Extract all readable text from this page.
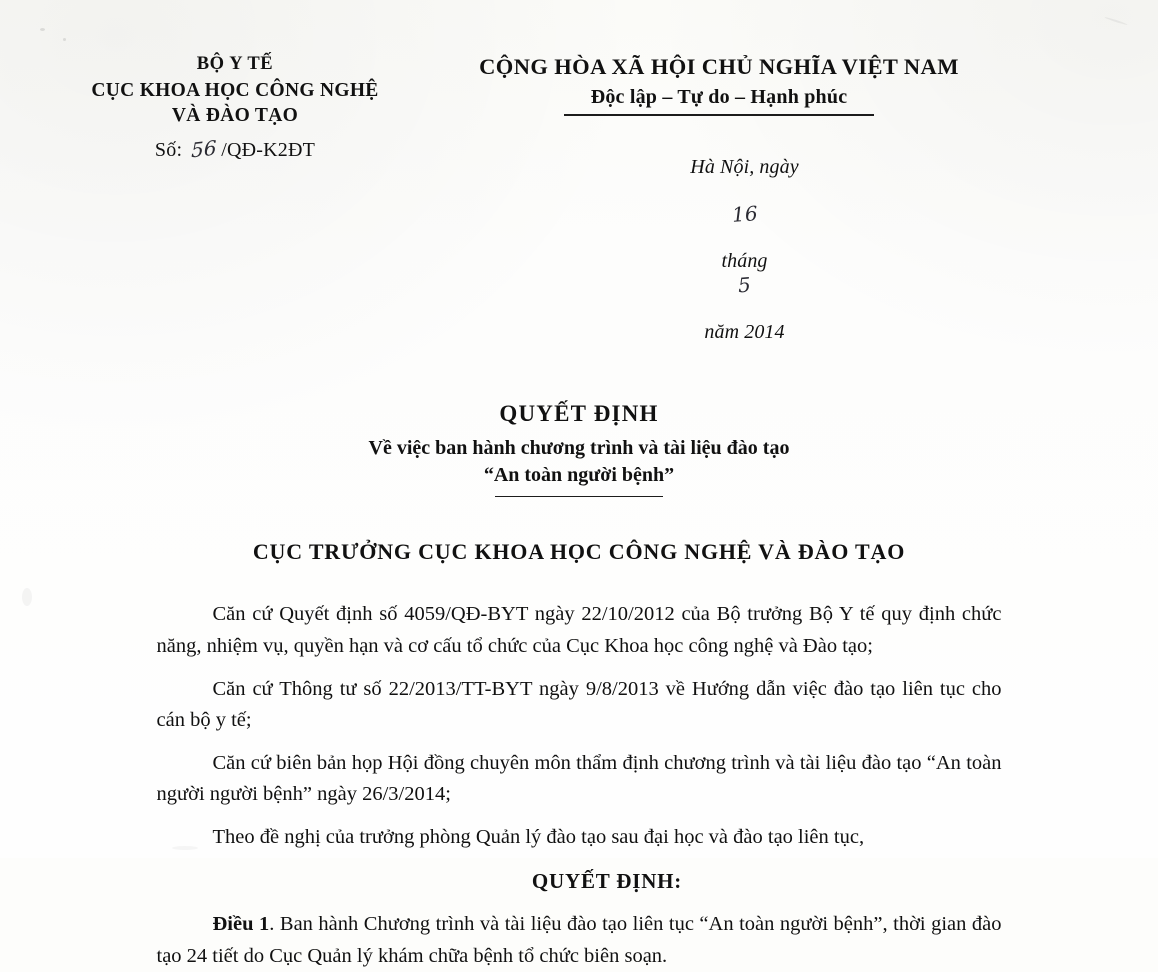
BỘ Y TẾ
CỤC KHOA HỌC CÔNG NGHỆ
VÀ ĐÀO TẠO
Số:
56 /QĐ-K2ĐT
CỘNG HÒA XÃ HỘI CHỦ NGHĨA VIỆT NAM
Độc lập – Tự do – Hạnh phúc

Hà Nội, ngày

16

tháng
5

năm 2014

QUYẾT ĐỊNH
Về việc ban hành chương trình và tài liệu đào tạo
“An toàn người bệnh”
CỤC TRƯỞNG CỤC KHOA HỌC CÔNG NGHỆ VÀ ĐÀO TẠO

Căn cứ Quyết định số 4059/QĐ-BYT ngày 22/10/2012 của Bộ trưởng Bộ Y tế quy định chức năng, nhiệm vụ, quyền hạn và cơ cấu tổ chức của Cục Khoa học công nghệ và Đào tạo;

Căn cứ Thông tư số 22/2013/TT-BYT ngày 9/8/2013 về Hướng dẫn việc đào tạo liên tục cho cán bộ y tế;

Căn cứ biên bản họp Hội đồng chuyên môn thẩm định chương trình và tài liệu đào tạo “An toàn người người bệnh” ngày 26/3/2014;

Theo đề nghị của trưởng phòng Quản lý đào tạo sau đại học và đào tạo liên tục,

QUYẾT ĐỊNH:

Điều 1. Ban hành Chương trình và tài liệu đào tạo liên tục “An toàn người bệnh”, thời gian đào tạo 24 tiết do Cục Quản lý khám chữa bệnh tổ chức biên soạn.
